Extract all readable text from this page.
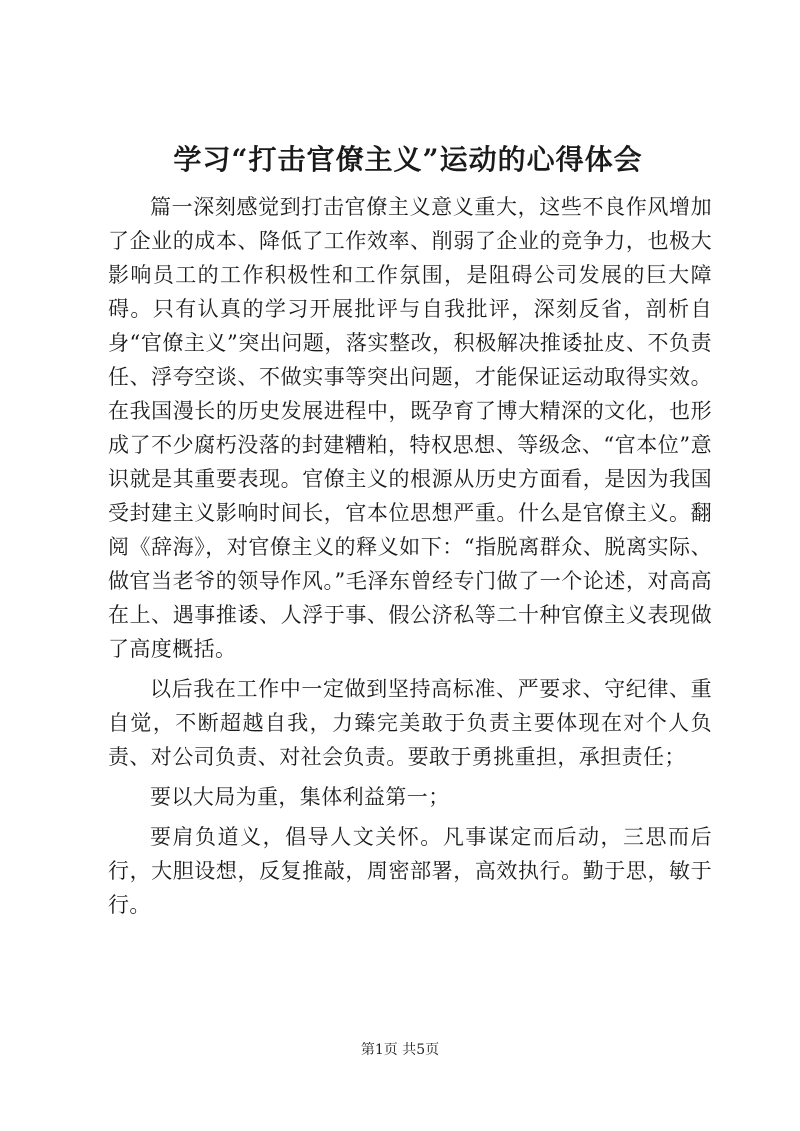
学习“打击官僚主义”运动的心得体会

篇一深刻感觉到打击官僚主义意义重大，这些不良作风增加了企业的成本、降低了工作效率、削弱了企业的竞争力，也极大影响员工的工作积极性和工作氛围，是阻碍公司发展的巨大障碍。只有认真的学习开展批评与自我批评，深刻反省，剖析自身“官僚主义”突出问题，落实整改，积极解决推诿扯皮、不负责任、浮夸空谈、不做实事等突出问题，才能保证运动取得实效。在我国漫长的历史发展进程中，既孕育了博大精深的文化，也形成了不少腐朽没落的封建糟粕，特权思想、等级念、“官本位”意识就是其重要表现。官僚主义的根源从历史方面看，是因为我国受封建主义影响时间长，官本位思想严重。什么是官僚主义。翻阅《辞海》，对官僚主义的释义如下：“指脱离群众、脱离实际、做官当老爷的领导作风。”毛泽东曾经专门做了一个论述，对高高在上、遇事推诿、人浮于事、假公济私等二十种官僚主义表现做了高度概括。

以后我在工作中一定做到坚持高标准、严要求、守纪律、重自觉，不断超越自我，力臻完美敢于负责主要体现在对个人负责、对公司负责、对社会负责。要敢于勇挑重担，承担责任；

要以大局为重，集体利益第一；

要肩负道义，倡导人文关怀。凡事谋定而后动，三思而后行，大胆设想，反复推敲，周密部署，高效执行。勤于思，敏于行。

第1页 共5页
